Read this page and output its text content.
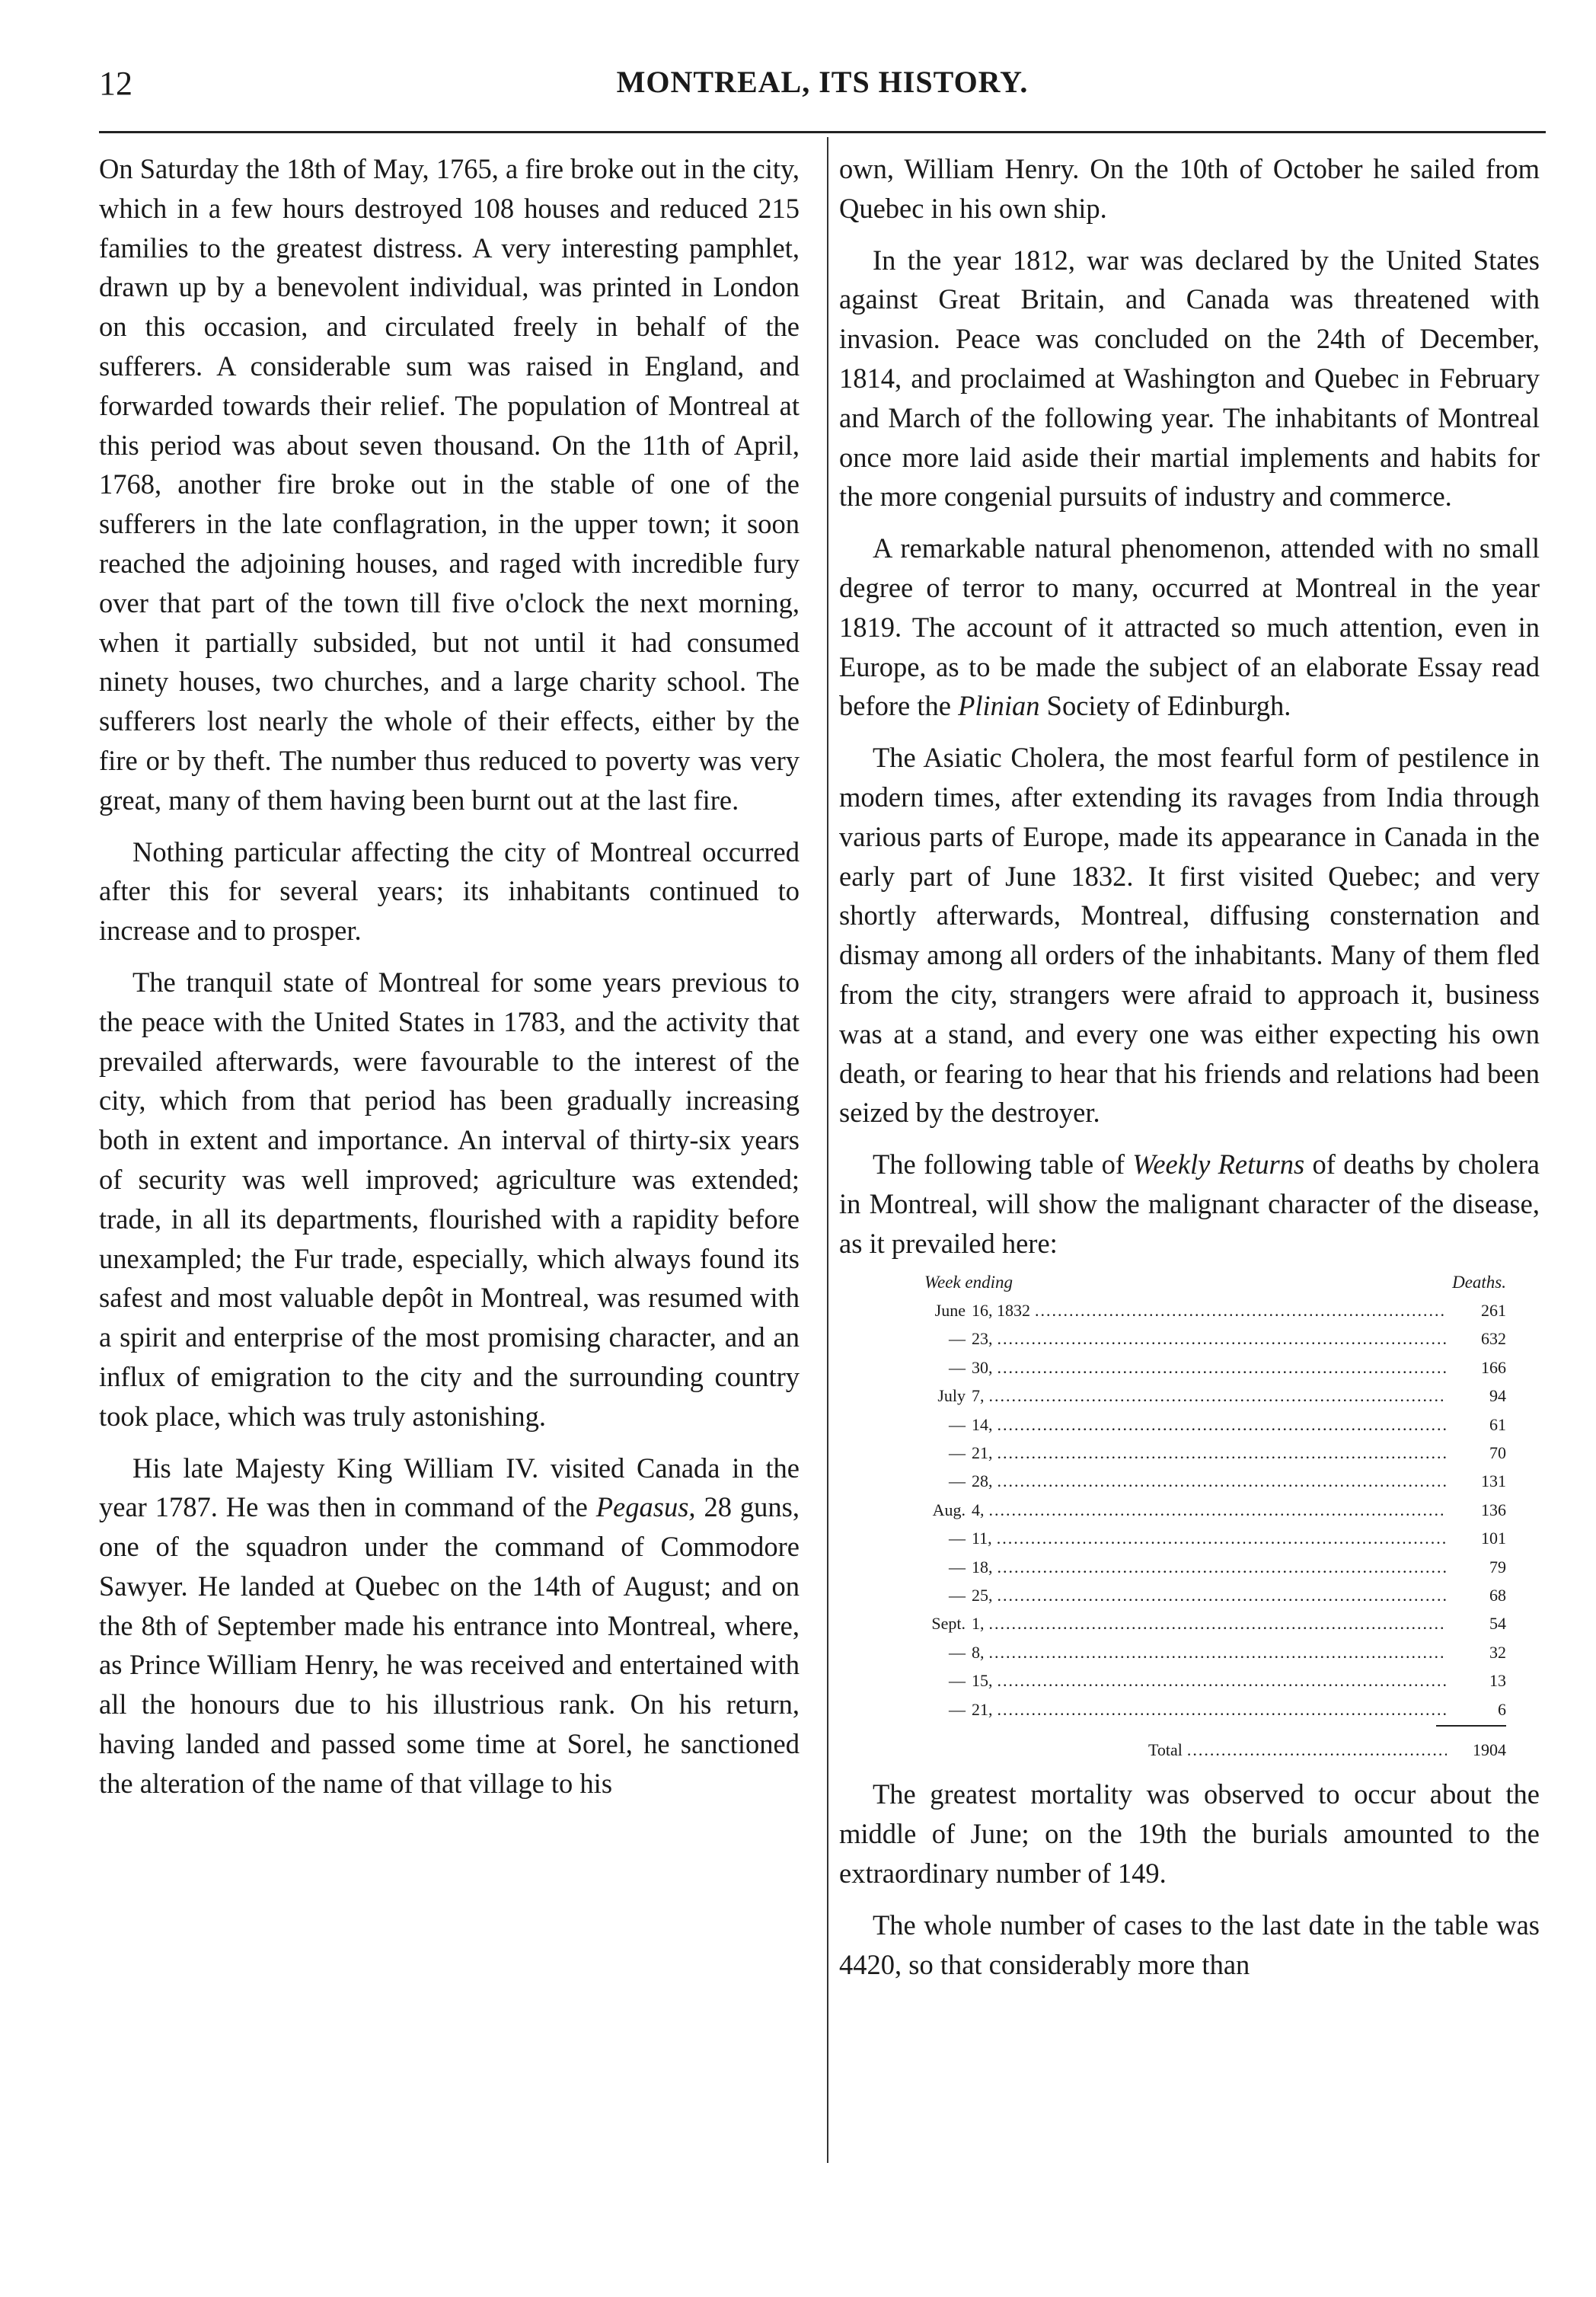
12	MONTREAL, ITS HISTORY.

On Saturday the 18th of May, 1765, a fire broke out in the city, which in a few hours destroyed 108 houses and reduced 215 families to the greatest distress. A very interesting pamphlet, drawn up by a benevolent individual, was printed in London on this occasion, and circulated freely in behalf of the sufferers. A considerable sum was raised in England, and forwarded towards their relief. The population of Montreal at this period was about seven thousand. On the 11th of April, 1768, another fire broke out in the stable of one of the sufferers in the late conflagration, in the upper town; it soon reached the adjoining houses, and raged with incredible fury over that part of the town till five o'clock the next morning, when it partially subsided, but not until it had consumed ninety houses, two churches, and a large charity school. The sufferers lost nearly the whole of their effects, either by the fire or by theft. The number thus reduced to poverty was very great, many of them having been burnt out at the last fire.

Nothing particular affecting the city of Montreal occurred after this for several years; its inhabitants continued to increase and to prosper.

The tranquil state of Montreal for some years previous to the peace with the United States in 1783, and the activity that prevailed afterwards, were favourable to the interest of the city, which from that period has been gradually increasing both in extent and importance. An interval of thirty-six years of security was well improved; agriculture was extended; trade, in all its departments, flourished with a rapidity before unexampled; the Fur trade, especially, which always found its safest and most valuable depôt in Montreal, was resumed with a spirit and enterprise of the most promising character, and an influx of emigration to the city and the surrounding country took place, which was truly astonishing.

His late Majesty King William IV. visited Canada in the year 1787. He was then in command of the Pegasus, 28 guns, one of the squadron under the command of Commodore Sawyer. He landed at Quebec on the 14th of August; and on the 8th of September made his entrance into Montreal, where, as Prince William Henry, he was received and entertained with all the honours due to his illustrious rank. On his return, having landed and passed some time at Sorel, he sanctioned the alteration of the name of that village to his

own, William Henry. On the 10th of October he sailed from Quebec in his own ship.

In the year 1812, war was declared by the United States against Great Britain, and Canada was threatened with invasion. Peace was concluded on the 24th of December, 1814, and proclaimed at Washington and Quebec in February and March of the following year. The inhabitants of Montreal once more laid aside their martial implements and habits for the more congenial pursuits of industry and commerce.

A remarkable natural phenomenon, attended with no small degree of terror to many, occurred at Montreal in the year 1819. The account of it attracted so much attention, even in Europe, as to be made the subject of an elaborate Essay read before the Plinian Society of Edinburgh.

The Asiatic Cholera, the most fearful form of pestilence in modern times, after extending its ravages from India through various parts of Europe, made its appearance in Canada in the early part of June 1832. It first visited Quebec; and very shortly afterwards, Montreal, diffusing consternation and dismay among all orders of the inhabitants. Many of them fled from the city, strangers were afraid to approach it, business was at a stand, and every one was either expecting his own death, or fearing to hear that his friends and relations had been seized by the destroyer.

The following table of Weekly Returns of deaths by cholera in Montreal, will show the malignant character of the disease, as it prevailed here:

Week ending	Deaths.
June 16, 1832 .....	261
— 23, .....	632
— 30, .....	166
July 7, .....	94
— 14, .....	61
— 21, .....	70
— 28, .....	131
Aug. 4, .....	136
— 11, .....	101
— 18, .....	79
— 25, .....	68
Sept. 1, .....	54
— 8, .....	32
— 15, .....	13
— 21, .....	6
Total .....	1904

The greatest mortality was observed to occur about the middle of June; on the 19th the burials amounted to the extraordinary number of 149.

The whole number of cases to the last date in the table was 4420, so that considerably more than
